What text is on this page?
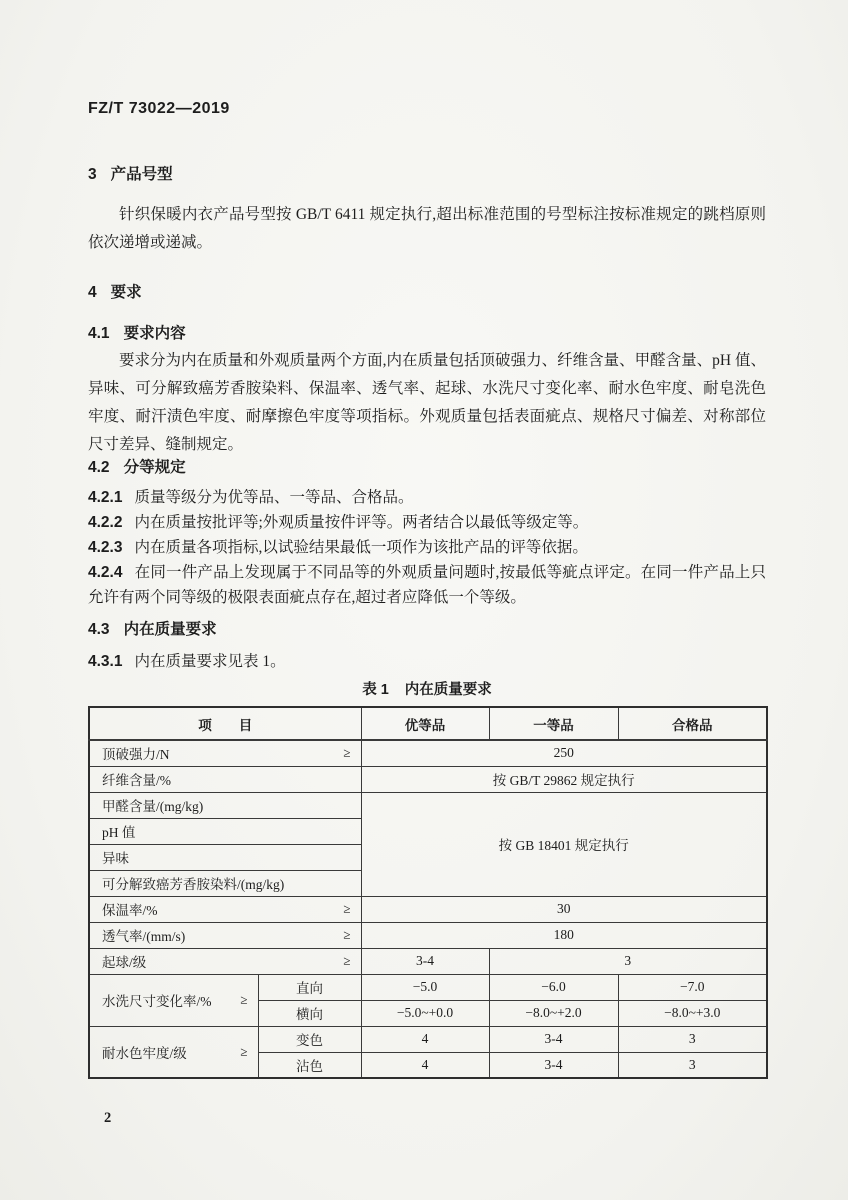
FZ/T 73022—2019
3 产品号型
针织保暖内衣产品号型按 GB/T 6411 规定执行,超出标准范围的号型标注按标准规定的跳档原则依次递增或递减。
4 要求
4.1 要求内容
要求分为内在质量和外观质量两个方面,内在质量包括顶破强力、纤维含量、甲醛含量、pH 值、异味、可分解致癌芳香胺染料、保温率、透气率、起球、水洗尺寸变化率、耐水色牢度、耐皂洗色牢度、耐汗渍色牢度、耐摩擦色牢度等项指标。外观质量包括表面疵点、规格尺寸偏差、对称部位尺寸差异、缝制规定。
4.2 分等规定
4.2.1 质量等级分为优等品、一等品、合格品。
4.2.2 内在质量按批评等;外观质量按件评等。两者结合以最低等级定等。
4.2.3 内在质量各项指标,以试验结果最低一项作为该批产品的评等依据。
4.2.4 在同一件产品上发现属于不同品等的外观质量问题时,按最低等疵点评定。在同一件产品上只允许有两个同等级的极限表面疵点存在,超过者应降低一个等级。
4.3 内在质量要求
4.3.1 内在质量要求见表 1。
表 1 内在质量要求
项　　目		优等品	一等品	合格品

顶破强力/N ≥		250		

纤维含量/%		按 GB/T 29862 规定执行		

甲醛含量/(mg/kg)		按 GB 18401 规定执行		

pH 值				

异味				

可分解致癌芳香胺染料/(mg/kg)				

保温率/% ≥		30		

透气率/(mm/s) ≥		180		

起球/级 ≥		3-4	3	

水洗尺寸变化率/% ≥	直向	−5.0	−6.0	−7.0
	横向	−5.0~+0.0	−8.0~+2.0	−8.0~+3.0

耐水色牢度/级 ≥	变色	4	3-4	3
	沾色	4	3-4	3
2
